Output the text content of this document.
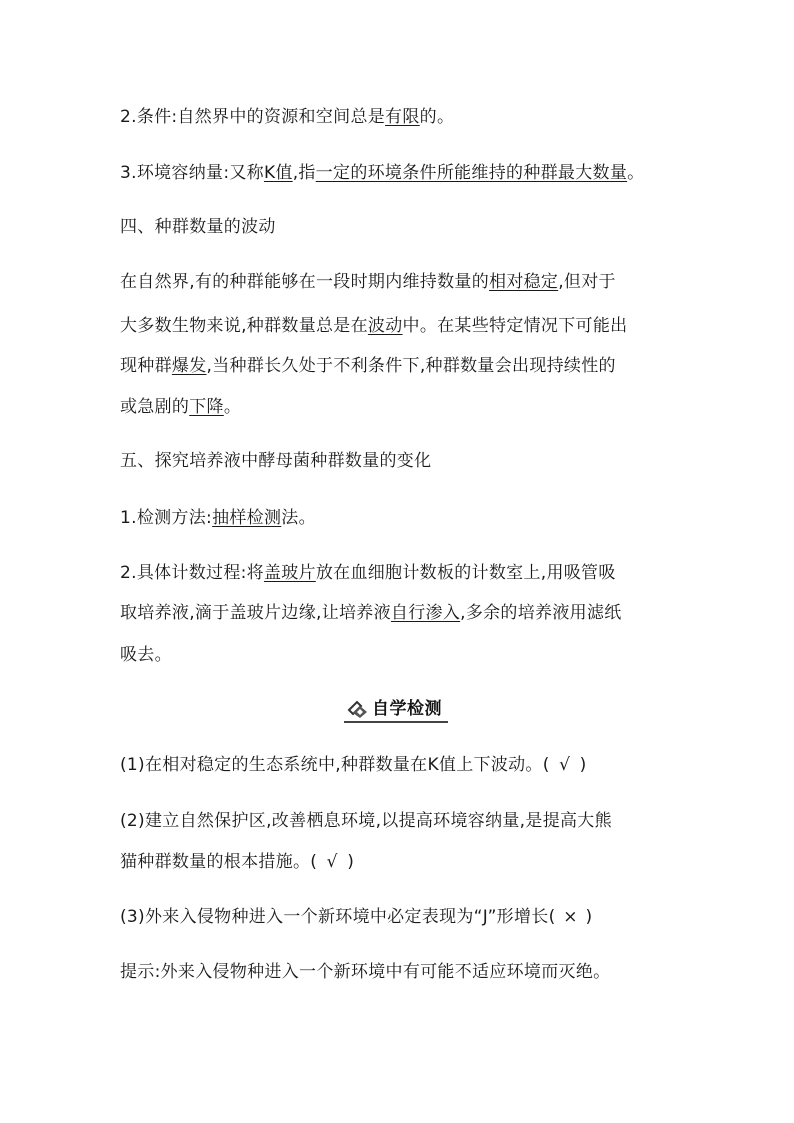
2.条件:自然界中的资源和空间总是有限的。
3.环境容纳量:又称K值,指一定的环境条件所能维持的种群最大数量。
四、种群数量的波动
在自然界,有的种群能够在一段时期内维持数量的相对稳定,但对于
大多数生物来说,种群数量总是在波动中。在某些特定情况下可能出
现种群爆发,当种群长久处于不利条件下,种群数量会出现持续性的
或急剧的下降。
五、探究培养液中酵母菌种群数量的变化
1.检测方法:抽样检测法。
2.具体计数过程:将盖玻片放在血细胞计数板的计数室上,用吸管吸
取培养液,滴于盖玻片边缘,让培养液自行渗入,多余的培养液用滤纸
吸去。
自学检测
(1)在相对稳定的生态系统中,种群数量在K值上下波动。( √ )
(2)建立自然保护区,改善栖息环境,以提高环境容纳量,是提高大熊
猫种群数量的根本措施。( √ )
(3)外来入侵物种进入一个新环境中必定表现为“J”形增长( × )
提示:外来入侵物种进入一个新环境中有可能不适应环境而灭绝。
